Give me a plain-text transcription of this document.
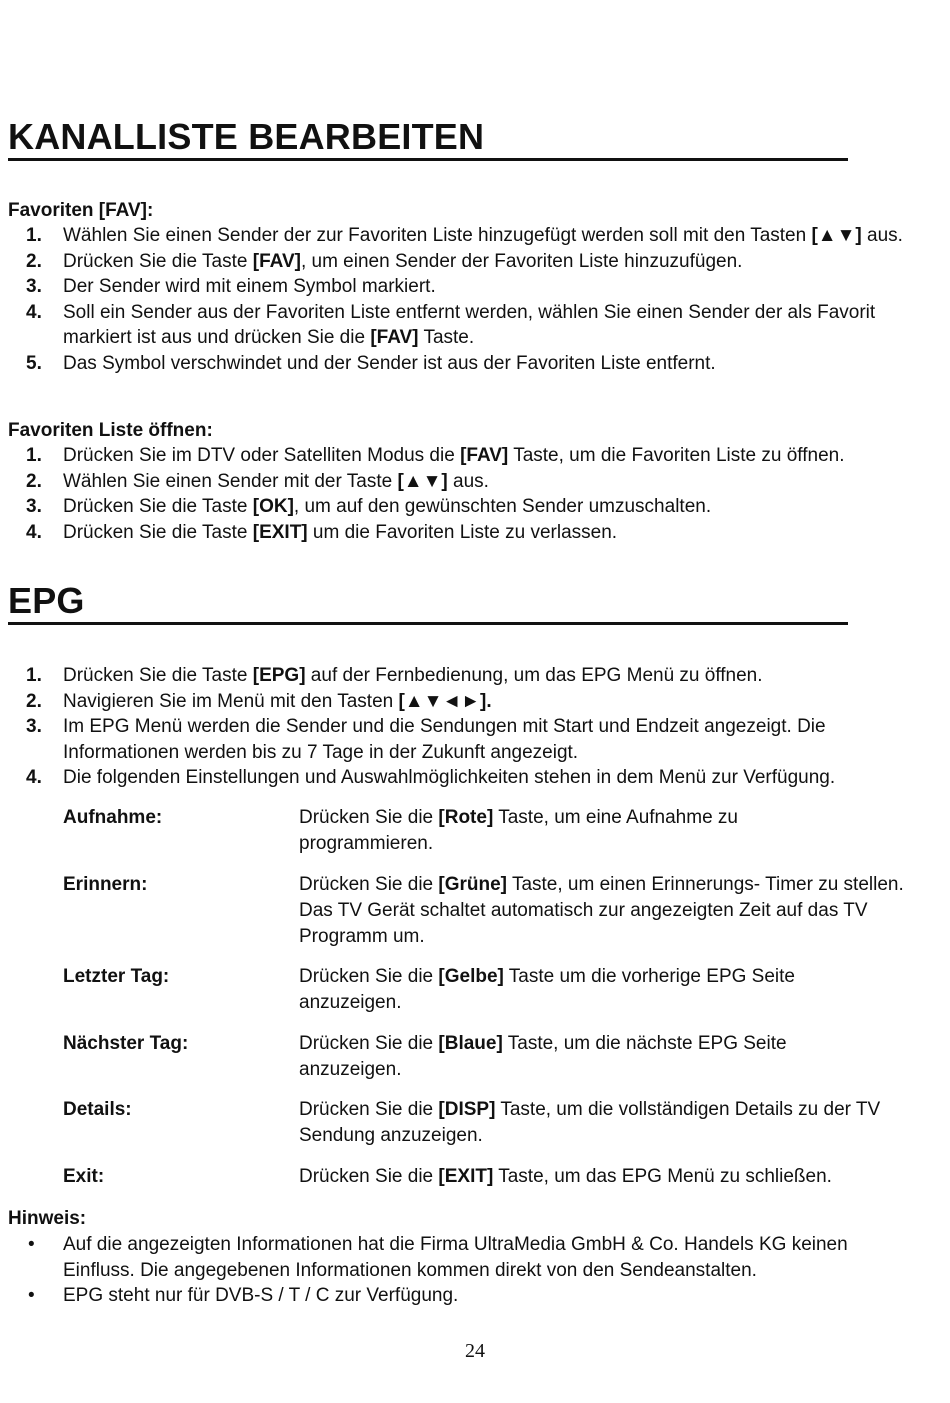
KANALLISTE BEARBEITEN
Favoriten [FAV]:
1. Wählen Sie einen Sender der zur Favoriten Liste hinzugefügt werden soll mit den Tasten [▲▼] aus.
2. Drücken Sie die Taste [FAV], um einen Sender der Favoriten Liste hinzuzufügen.
3. Der Sender wird mit einem Symbol markiert.
4. Soll ein Sender aus der Favoriten Liste entfernt werden, wählen Sie einen Sender der als Favorit markiert ist aus und drücken Sie die [FAV] Taste.
5. Das Symbol verschwindet und der Sender ist aus der Favoriten Liste entfernt.
Favoriten Liste öffnen:
1. Drücken Sie im DTV oder Satelliten Modus die [FAV] Taste, um die Favoriten Liste zu öffnen.
2. Wählen Sie einen Sender mit der Taste [▲▼] aus.
3. Drücken Sie die Taste [OK], um auf den gewünschten Sender umzuschalten.
4. Drücken Sie die Taste [EXIT] um die Favoriten Liste zu verlassen.
EPG
1. Drücken Sie die Taste [EPG] auf der Fernbedienung, um das EPG Menü zu öffnen.
2. Navigieren Sie im Menü mit den Tasten [▲▼◄►].
3. Im EPG Menü werden die Sender und die Sendungen mit Start und Endzeit angezeigt. Die Informationen werden bis zu 7 Tage in der Zukunft angezeigt.
4. Die folgenden Einstellungen und Auswahlmöglichkeiten stehen in dem Menü zur Verfügung.
Aufnahme:	Drücken Sie die [Rote] Taste, um eine Aufnahme zu programmieren.
Erinnern:	Drücken Sie die [Grüne] Taste, um einen Erinnerungs- Timer zu stellen. Das TV Gerät schaltet automatisch zur angezeigten Zeit auf das TV Programm um.
Letzter Tag:	Drücken Sie die [Gelbe] Taste um die vorherige EPG Seite anzuzeigen.
Nächster Tag:	Drücken Sie die [Blaue] Taste, um die nächste EPG Seite anzuzeigen.
Details:	Drücken Sie die [DISP] Taste, um die vollständigen Details zu der TV Sendung anzuzeigen.
Exit:	Drücken Sie die [EXIT] Taste, um das EPG Menü zu schließen.
Hinweis:
• Auf die angezeigten Informationen hat die Firma UltraMedia GmbH & Co. Handels KG keinen Einfluss. Die angegebenen Informationen kommen direkt von den Sendeanstalten.
• EPG steht nur für DVB-S / T / C zur Verfügung.
24
